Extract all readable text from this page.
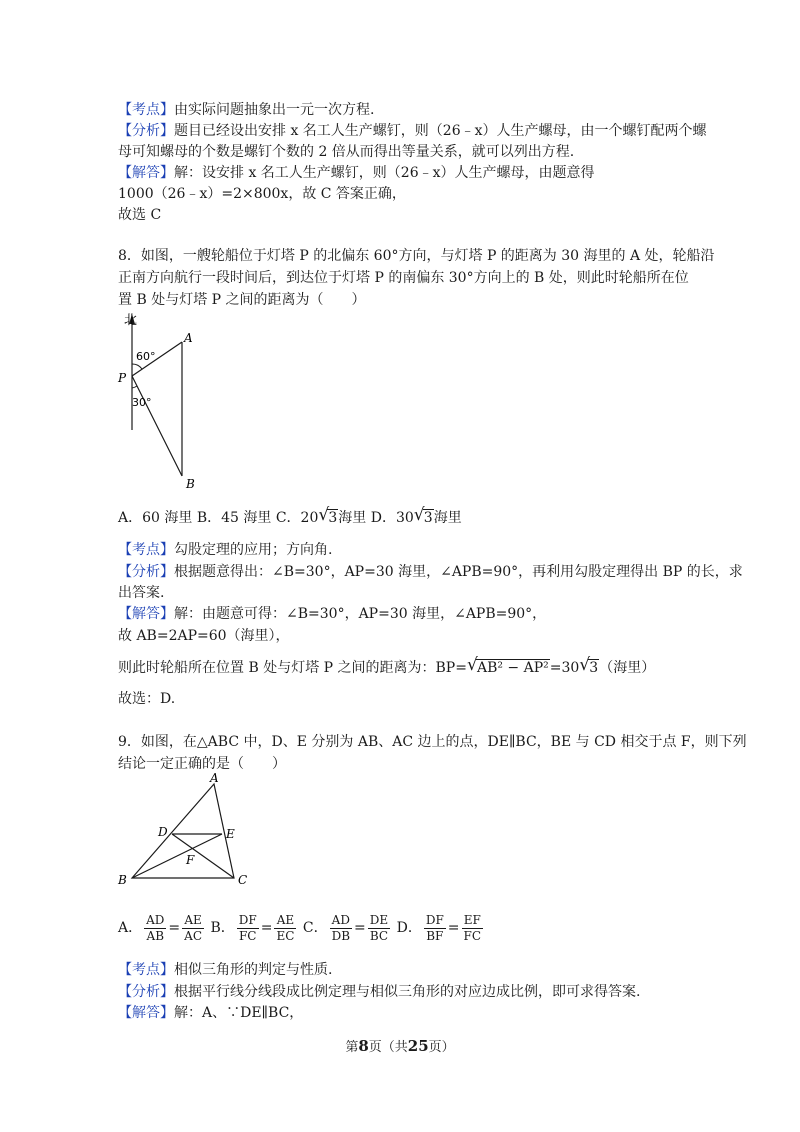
【考点】由实际问题抽象出一元一次方程.
【分析】题目已经设出安排 x 名工人生产螺钉，则（26﹣x）人生产螺母，由一个螺钉配两个螺
母可知螺母的个数是螺钉个数的 2 倍从而得出等量关系，就可以列出方程.
【解答】解：设安排 x 名工人生产螺钉，则（26﹣x）人生产螺母，由题意得
1000（26﹣x）=2×800x，故 C 答案正确，
故选 C
8．如图，一艘轮船位于灯塔 P 的北偏东 60°方向，与灯塔 P 的距离为 30 海里的 A 处，轮船沿
正南方向航行一段时间后，到达位于灯塔 P 的南偏东 30°方向上的 B 处，则此时轮船所在位
置 B 处与灯塔 P 之间的距离为（　　）
北
A
P
B
60°
30°
A．60 海里 B．45 海里 C．20 √ 3海里 D．30 √ 3海里
【考点】勾股定理的应用；方向角.
【分析】根据题意得出：∠B=30°，AP=30 海里，∠APB=90°，再利用勾股定理得出 BP 的长，求
出答案.
【解答】解：由题意可得：∠B=30°，AP=30 海里，∠APB=90°，
故 AB=2AP=60（海里），
则此时轮船所在位置 B 处与灯塔 P 之间的距离为：BP= √ AB² − AP²=30 √ 3（海里）
故选：D.
9．如图，在△ABC 中，D、E 分别为 AB、AC 边上的点，DE∥BC，BE 与 CD 相交于点 F，则下列
结论一定正确的是（　　）
A
B	C
D	E
F
A． $\frac{AD}{AB} = \frac{AE}{AC}$ B． $\frac{DF}{FC} = \frac{AE}{EC}$ C． $\frac{AD}{DB} = \frac{DE}{BC}$ D． $\frac{DF}{BF} = \frac{EF}{FC}$
【考点】相似三角形的判定与性质.
【分析】根据平行线分线段成比例定理与相似三角形的对应边成比例，即可求得答案.
【解答】解：A、∵DE∥BC，
第8页（共25页）
